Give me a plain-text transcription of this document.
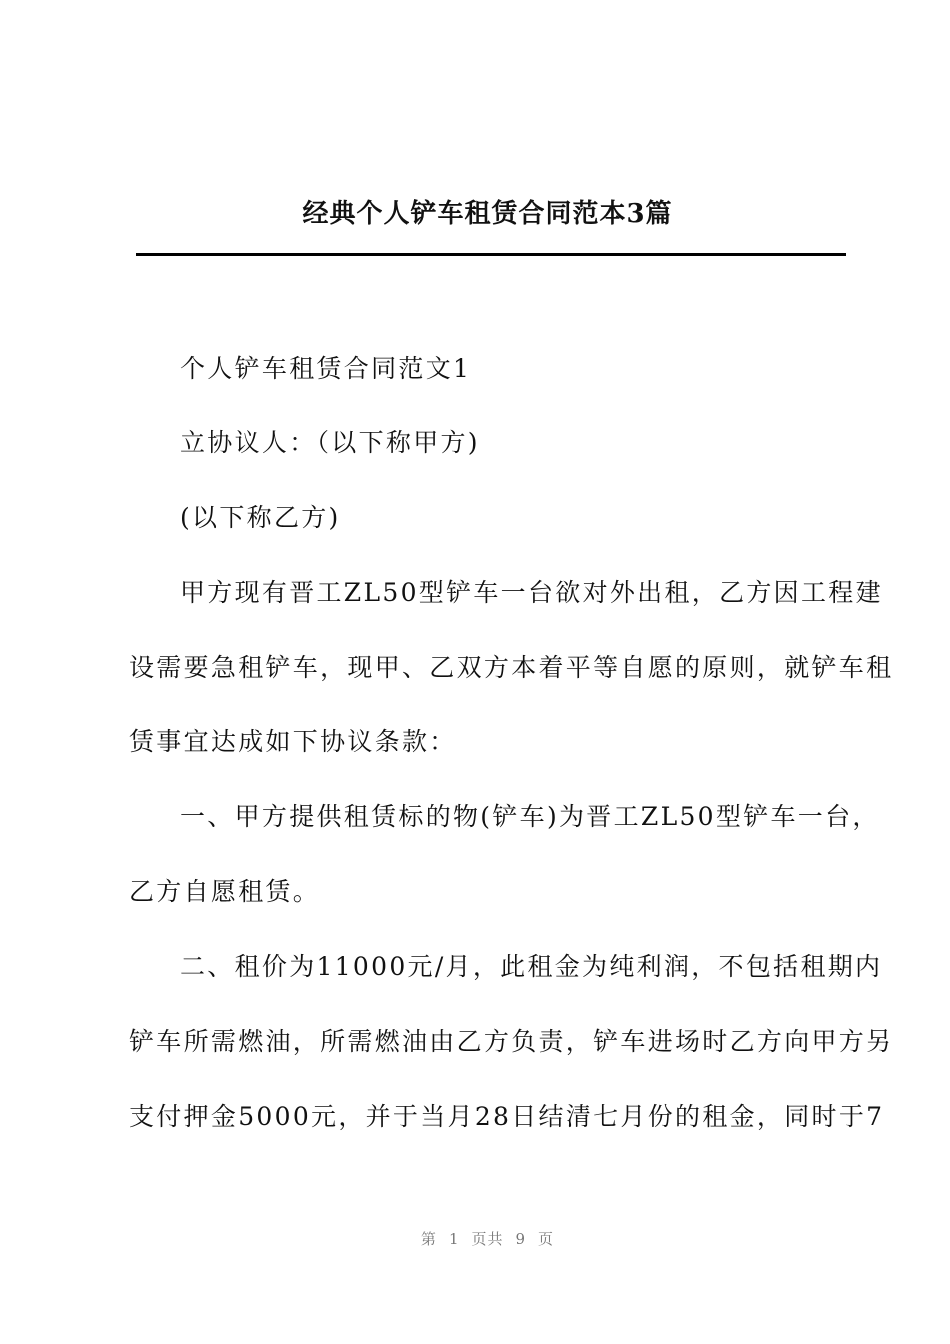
经典个人铲车租赁合同范本3篇
个人铲车租赁合同范文1
立协议人：（以下称甲方)
(以下称乙方)
甲方现有晋工ZL50型铲车一台欲对外出租，乙方因工程建
设需要急租铲车，现甲、乙双方本着平等自愿的原则，就铲车租
赁事宜达成如下协议条款：
一、甲方提供租赁标的物(铲车)为晋工ZL50型铲车一台，
乙方自愿租赁。
二、租价为11000元/月，此租金为纯利润，不包括租期内
铲车所需燃油，所需燃油由乙方负责，铲车进场时乙方向甲方另
支付押金5000元，并于当月28日结清七月份的租金，同时于7
第 1 页共 9 页
